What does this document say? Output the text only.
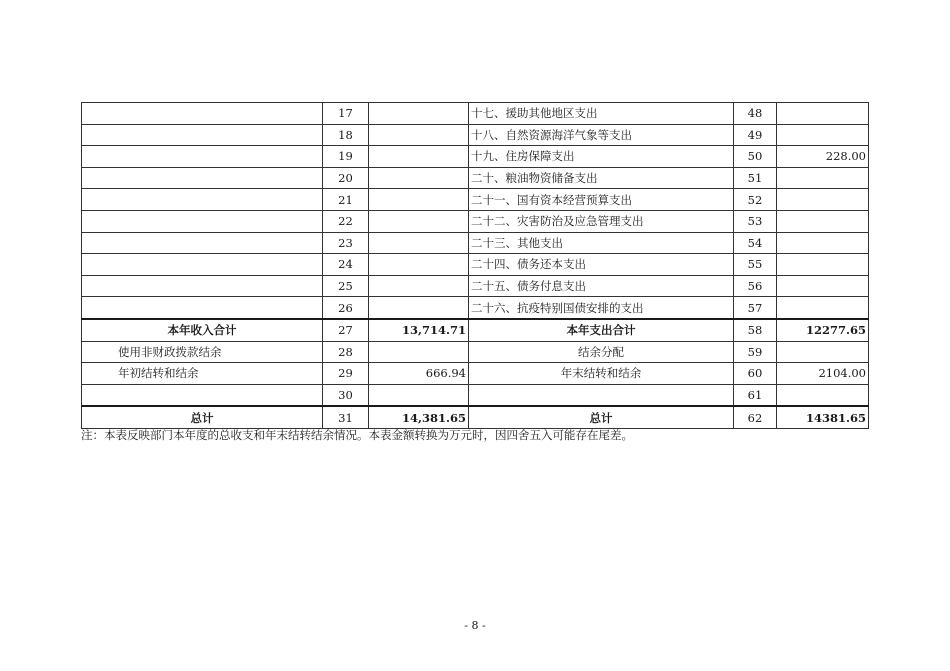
	17		十七、援助其他地区支出	48	
	18		十八、自然资源海洋气象等支出	49	
	19		十九、住房保障支出	50	228.00
	20		二十、粮油物资储备支出	51	
	21		二十一、国有资本经营预算支出	52	
	22		二十二、灾害防治及应急管理支出	53	
	23		二十三、其他支出	54	
	24		二十四、债务还本支出	55	
	25		二十五、债务付息支出	56	
	26		二十六、抗疫特别国债安排的支出	57	
本年收入合计	27	13,714.71	本年支出合计	58	12277.65
使用非财政拨款结余	28		结余分配	59	
年初结转和结余	29	666.94	年末结转和结余	60	2104.00
	30			61	
总计	31	14,381.65	总计	62	14381.65
注：本表反映部门本年度的总收支和年末结转结余情况。本表金额转换为万元时，因四舍五入可能存在尾差。
- 8 -
